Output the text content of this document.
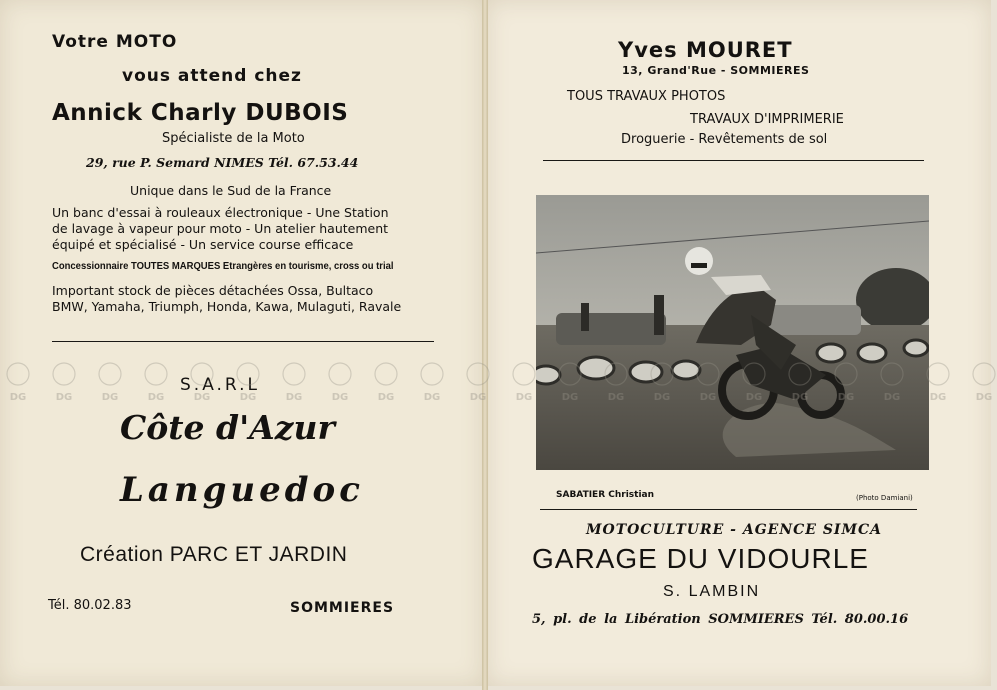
Votre MOTO
vous attend chez
Annick Charly DUBOIS
Spécialiste de la Moto
29, rue P. Semard NIMES Tél. 67.53.44
Unique dans le Sud de la France
Un banc d'essai à rouleaux électronique - Une Station
de lavage à vapeur pour moto - Un atelier hautement
équipé et spécialisé - Un service course efficace
Concessionnaire TOUTES MARQUES Etrangères en tourisme, cross ou trial
Important stock de pièces détachées Ossa, Bultaco
BMW, Yamaha, Triumph, Honda, Kawa, Mulaguti, Ravale
S.A.R.L
Côte d'Azur
Languedoc
Création PARC ET JARDIN
Tél. 80.02.83	SOMMIERES
Yves MOURET
13, Grand'Rue - SOMMIERES
TOUS TRAVAUX PHOTOS
TRAVAUX D'IMPRIMERIE
Droguerie - Revêtements de sol
SABATIER Christian	(Photo Damiani)
MOTOCULTURE - AGENCE SIMCA
GARAGE DU VIDOURLE
S. LAMBIN
5, pl. de la Libération SOMMIERES Tél. 80.00.16
DG	DG	DG	DG	DG	DG	DG	DG	DG	DG	DG	DG	DG	DG	DG	DG	DG	DG	DG	DG	DG	DG
